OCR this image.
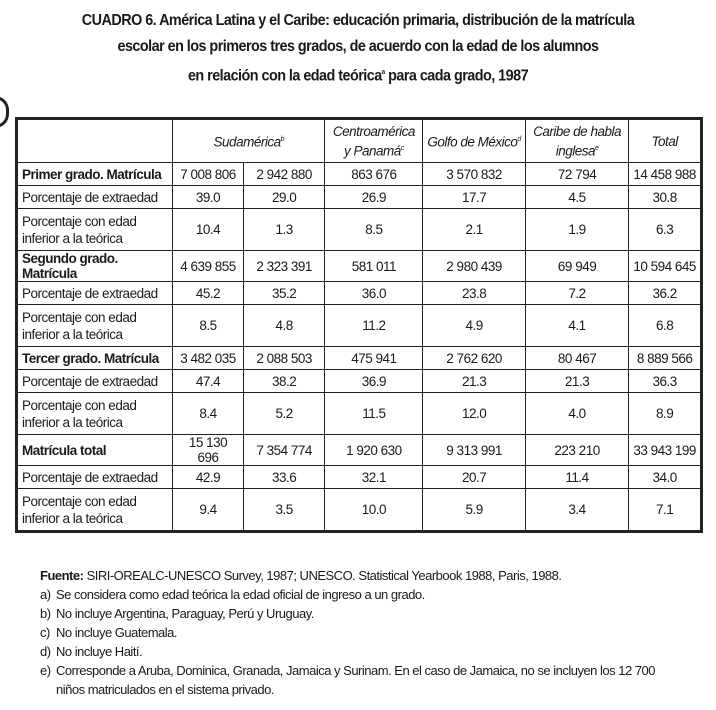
CUADRO 6. América Latina y el Caribe: educación primaria, distribución de la matrícula
escolar en los primeros tres grados, de acuerdo con la edad de los alumnos
en relación con la edad teórica$^a$ para cada grado, 1987
	Sudamérica$^b$		Centroamérica y Panamá$^c$	Golfo de México$^d$	Caribe de habla inglesa$^e$	Total
Primer grado. Matrícula	7 008 806	2 942 880	863 676	3 570 832	72 794	14 458 988
Porcentaje de extraedad	39.0	29.0	26.9	17.7	4.5	30.8
Porcentaje con edad inferior a la teórica	10.4	1.3	8.5	2.1	1.9	6.3
Segundo grado. Matrícula	4 639 855	2 323 391	581 011	2 980 439	69 949	10 594 645
Porcentaje de extraedad	45.2	35.2	36.0	23.8	7.2	36.2
Porcentaje con edad inferior a la teórica	8.5	4.8	11.2	4.9	4.1	6.8
Tercer grado. Matrícula	3 482 035	2 088 503	475 941	2 762 620	80 467	8 889 566
Porcentaje de extraedad	47.4	38.2	36.9	21.3	21.3	36.3
Porcentaje con edad inferior a la teórica	8.4	5.2	11.5	12.0	4.0	8.9
Matrícula total	15 130 696	7 354 774	1 920 630	9 313 991	223 210	33 943 199
Porcentaje de extraedad	42.9	33.6	32.1	20.7	11.4	34.0
Porcentaje con edad inferior a la teórica	9.4	3.5	10.0	5.9	3.4	7.1
Fuente: SIRI-OREALC-UNESCO Survey, 1987; UNESCO. Statistical Yearbook 1988, Paris, 1988.
a) Se considera como edad teórica la edad oficial de ingreso a un grado.
b) No incluye Argentina, Paraguay, Perú y Uruguay.
c) No incluye Guatemala.
d) No incluye Haití.
e) Corresponde a Aruba, Dominica, Granada, Jamaica y Surinam. En el caso de Jamaica, no se incluyen los 12 700 niños matriculados en el sistema privado.
